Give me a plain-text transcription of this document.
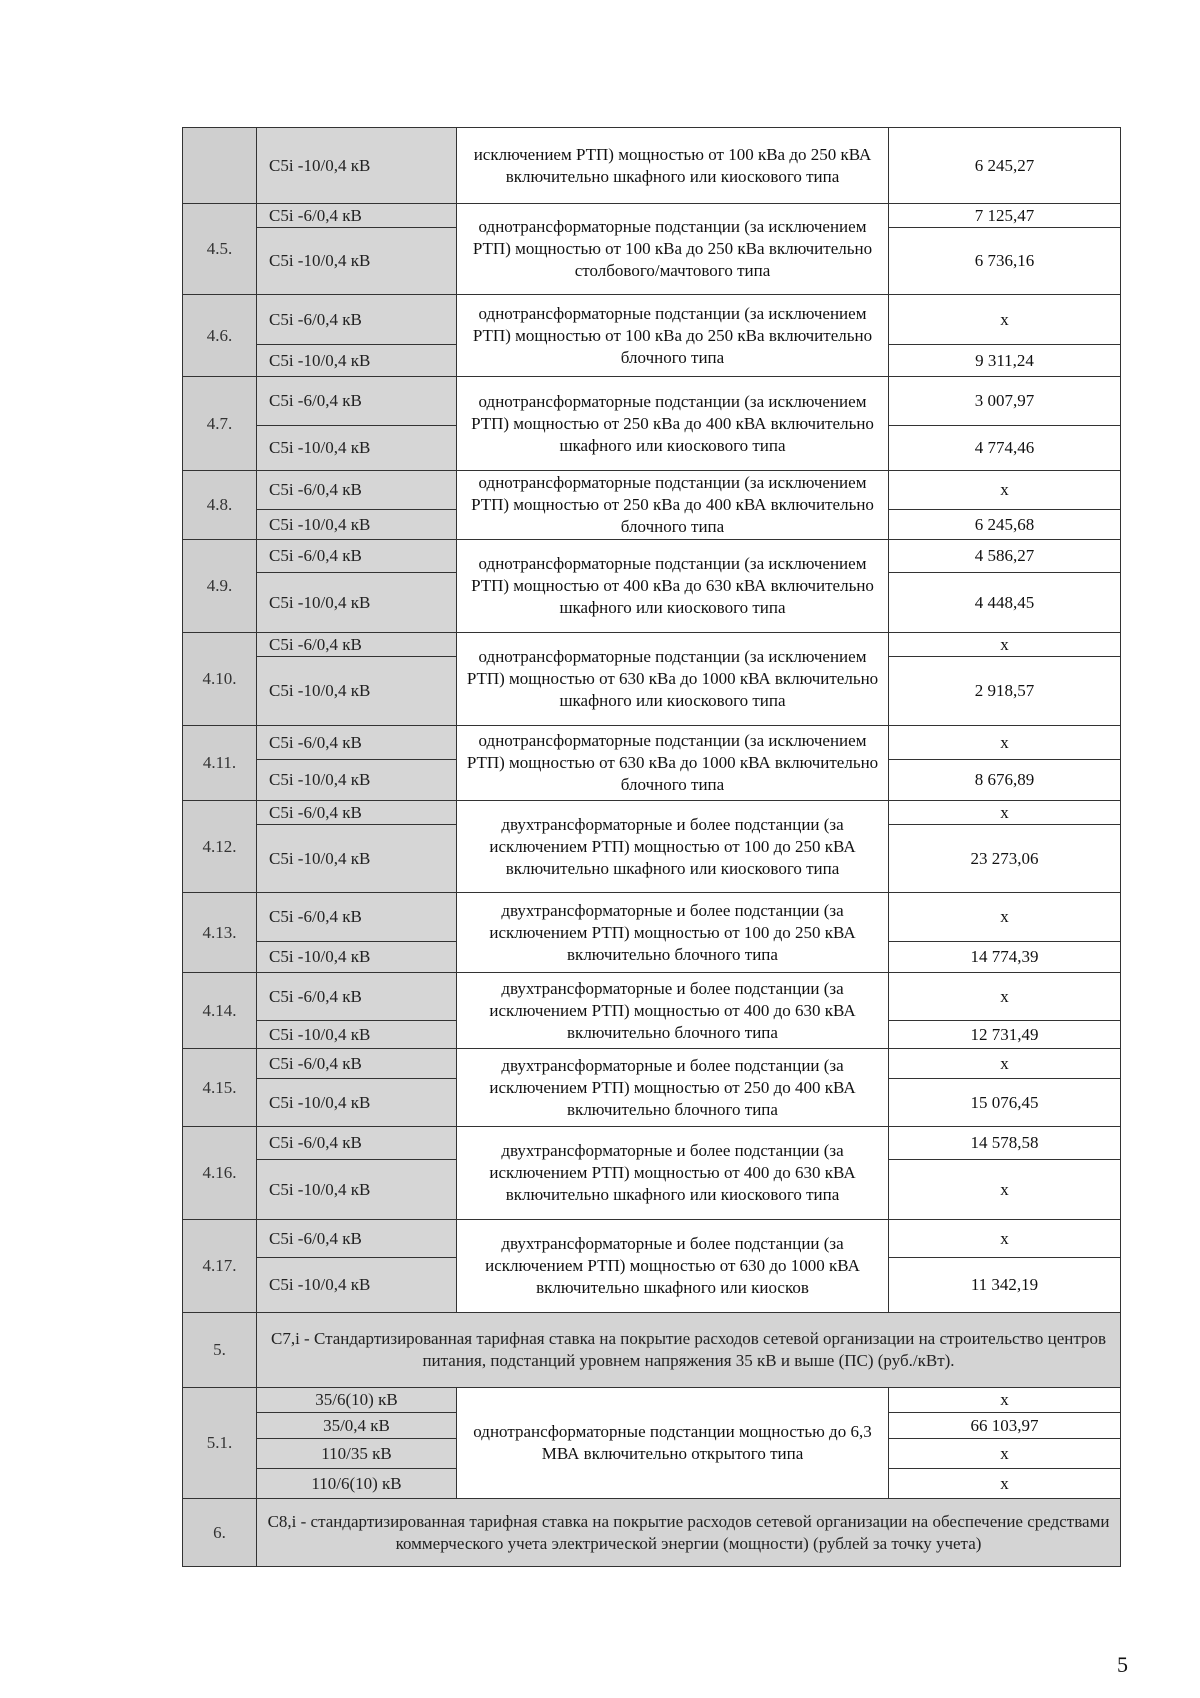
	C5i -10/0,4 кВ	исключением РТП) мощностью от 100 кВа до 250 кВА включительно шкафного или киоскового типа	6 245,27
4.5.	C5i -6/0,4 кВ	однотрансформаторные подстанции (за исключением РТП) мощностью от 100 кВа до 250 кВа включительно столбового/мачтового типа	7 125,47
	C5i -10/0,4 кВ		6 736,16
4.6.	C5i -6/0,4 кВ	однотрансформаторные подстанции (за исключением РТП) мощностью от 100 кВа до 250 кВа включительно блочного типа	х
	C5i -10/0,4 кВ		9 311,24
4.7.	C5i -6/0,4 кВ	однотрансформаторные подстанции (за исключением РТП) мощностью от 250 кВа до 400 кВА включительно шкафного или киоскового типа	3 007,97
	C5i -10/0,4 кВ		4 774,46
4.8.	C5i -6/0,4 кВ	однотрансформаторные подстанции (за исключением РТП) мощностью от 250 кВа до 400 кВА включительно блочного типа	х
	C5i -10/0,4 кВ		6 245,68
4.9.	C5i -6/0,4 кВ	однотрансформаторные подстанции (за исключением РТП) мощностью от 400 кВа до 630 кВА включительно шкафного или киоскового типа	4 586,27
	C5i -10/0,4 кВ		4 448,45
4.10.	C5i -6/0,4 кВ	однотрансформаторные подстанции (за исключением РТП) мощностью от 630 кВа до 1000 кВА включительно шкафного или киоскового типа	х
	C5i -10/0,4 кВ		2 918,57
4.11.	C5i -6/0,4 кВ	однотрансформаторные подстанции (за исключением РТП) мощностью от 630 кВа до 1000 кВА включительно блочного типа	х
	C5i -10/0,4 кВ		8 676,89
4.12.	C5i -6/0,4 кВ	двухтрансформаторные и более подстанции (за исключением РТП) мощностью от 100 до 250 кВА включительно шкафного или киоскового типа	х
	C5i -10/0,4 кВ		23 273,06
4.13.	C5i -6/0,4 кВ	двухтрансформаторные и более подстанции (за исключением РТП) мощностью от 100 до 250 кВА включительно блочного типа	х
	C5i -10/0,4 кВ		14 774,39
4.14.	C5i -6/0,4 кВ	двухтрансформаторные и более подстанции (за исключением РТП) мощностью от 400 до 630 кВА включительно блочного типа	х
	C5i -10/0,4 кВ		12 731,49
4.15.	C5i -6/0,4 кВ	двухтрансформаторные и более подстанции (за исключением РТП) мощностью от 250 до 400 кВА включительно блочного типа	х
	C5i -10/0,4 кВ		15 076,45
4.16.	C5i -6/0,4 кВ	двухтрансформаторные и более подстанции (за исключением РТП) мощностью от 400 до 630 кВА включительно шкафного или киоскового типа	14 578,58
	C5i -10/0,4 кВ		х
4.17.	C5i -6/0,4 кВ	двухтрансформаторные и более подстанции (за исключением РТП) мощностью от 630 до 1000 кВА включительно шкафного или киосков	х
	C5i -10/0,4 кВ		11 342,19
5.	С7,i - Стандартизированная тарифная ставка на покрытие расходов сетевой организации на строительство центров питания, подстанций уровнем напряжения 35 кВ и выше (ПС) (руб./кВт).		
5.1.	35/6(10) кВ	однотрансформаторные подстанции мощностью до 6,3 МВА включительно открытого типа	х
	35/0,4 кВ		66 103,97
	110/35 кВ		х
	110/6(10) кВ		х
6.	С8,i - стандартизированная тарифная ставка на покрытие расходов сетевой организации на обеспечение средствами коммерческого учета электрической энергии (мощности) (рублей за точку учета)		
5
